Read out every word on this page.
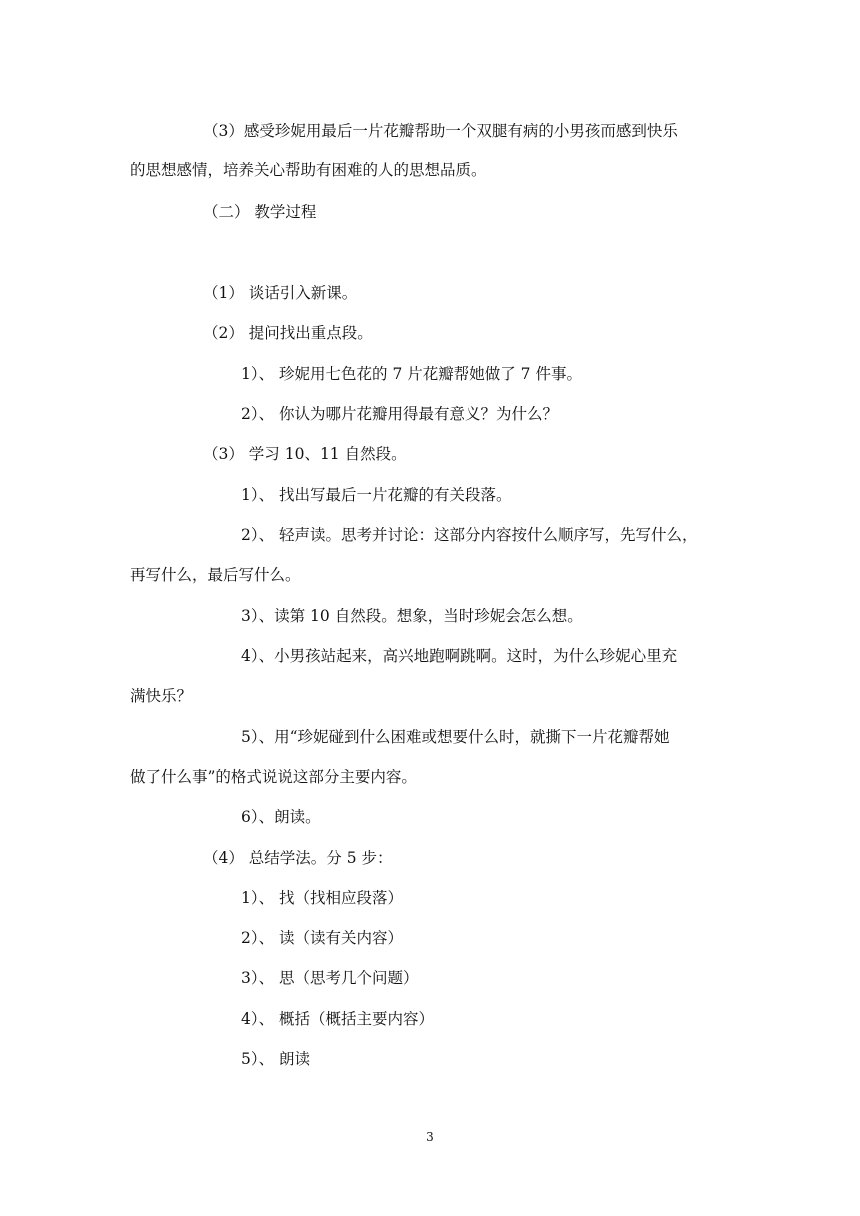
（3）感受珍妮用最后一片花瓣帮助一个双腿有病的小男孩而感到快乐
的思想感情，培养关心帮助有困难的人的思想品质。
（二） 教学过程
（1） 谈话引入新课。
（2） 提问找出重点段。
1）、 珍妮用七色花的 7 片花瓣帮她做了 7 件事。
2）、 你认为哪片花瓣用得最有意义？为什么？
（3） 学习 10、11 自然段。
1）、 找出写最后一片花瓣的有关段落。
2）、 轻声读。思考并讨论：这部分内容按什么顺序写，先写什么，
再写什么，最后写什么。
3）、读第 10 自然段。想象，当时珍妮会怎么想。
4）、小男孩站起来，高兴地跑啊跳啊。这时，为什么珍妮心里充
满快乐？
5）、用“珍妮碰到什么困难或想要什么时，就撕下一片花瓣帮她
做了什么事”的格式说说这部分主要内容。
6）、朗读。
（4） 总结学法。分 5 步：
1）、 找（找相应段落）
2）、 读（读有关内容）
3）、 思（思考几个问题）
4）、 概括（概括主要内容）
5）、 朗读
3
